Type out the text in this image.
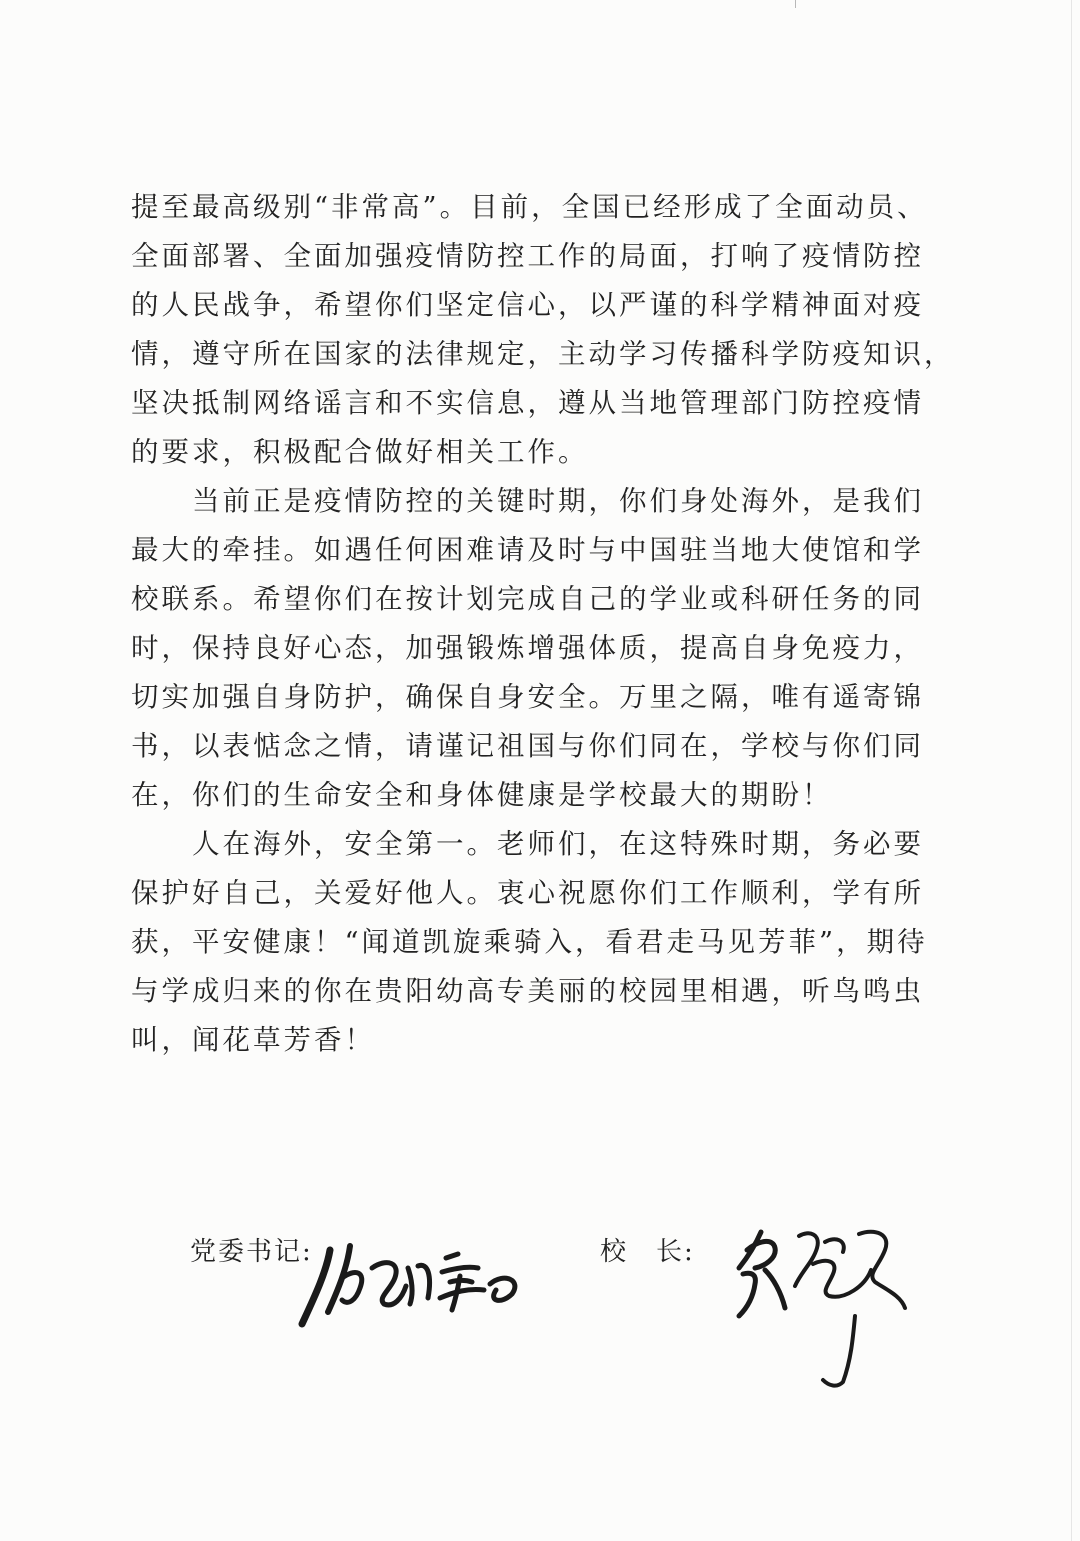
提至最高级别“非常高”。目前，全国已经形成了全面动员、
全面部署、全面加强疫情防控工作的局面，打响了疫情防控
的人民战争，希望你们坚定信心，以严谨的科学精神面对疫
情，遵守所在国家的法律规定，主动学习传播科学防疫知识，
坚决抵制网络谣言和不实信息，遵从当地管理部门防控疫情
的要求，积极配合做好相关工作。
　　当前正是疫情防控的关键时期，你们身处海外，是我们
最大的牵挂。如遇任何困难请及时与中国驻当地大使馆和学
校联系。希望你们在按计划完成自己的学业或科研任务的同
时，保持良好心态，加强锻炼增强体质，提高自身免疫力，
切实加强自身防护，确保自身安全。万里之隔，唯有遥寄锦
书，以表惦念之情，请谨记祖国与你们同在，学校与你们同
在，你们的生命安全和身体健康是学校最大的期盼！
　　人在海外，安全第一。老师们，在这特殊时期，务必要
保护好自己，关爱好他人。衷心祝愿你们工作顺利，学有所
获，平安健康！“闻道凯旋乘骑入，看君走马见芳菲”，期待
与学成归来的你在贵阳幼高专美丽的校园里相遇，听鸟鸣虫
叫，闻花草芳香！
党委书记:	校　长:
